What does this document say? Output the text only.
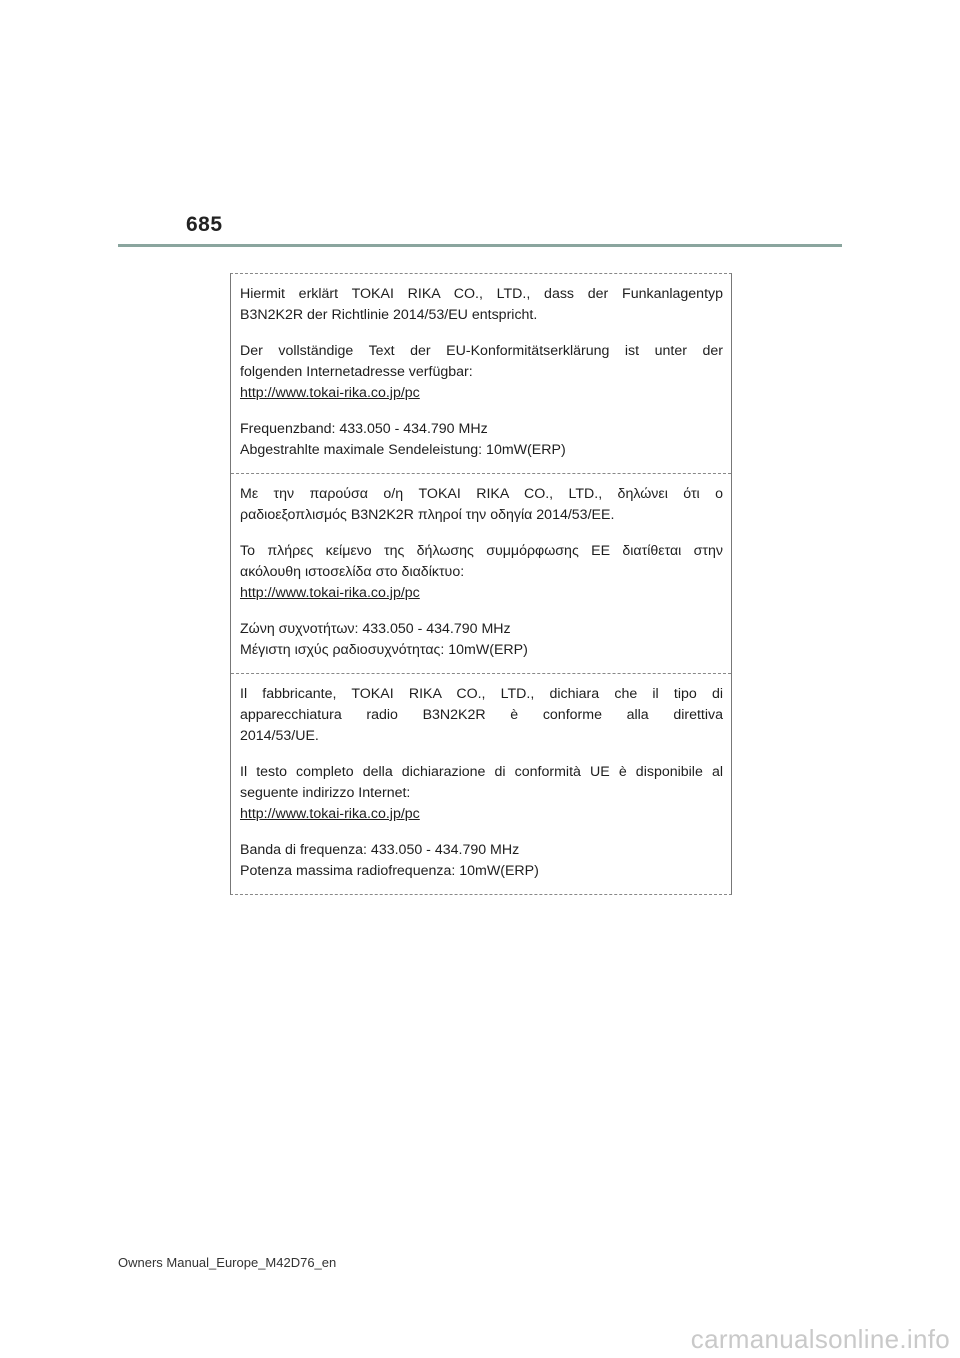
685

Hiermit erklärt TOKAI RIKA CO., LTD., dass der Funkanlagentyp
B3N2K2R der Richtlinie 2014/53/EU entspricht.

Der vollständige Text der EU-Konformitätserklärung ist unter der
folgenden Internetadresse verfügbar:
http://www.tokai-rika.co.jp/pc

Frequenzband: 433.050 - 434.790 MHz
Abgestrahlte maximale Sendeleistung: 10mW(ERP)

Με την παρούσα ο/η TOKAI RIKA CO., LTD., δηλώνει ότι ο
ραδιοεξοπλισμός B3N2K2R πληροί την οδηγία 2014/53/ΕΕ.

Το πλήρες κείμενο της δήλωσης συμμόρφωσης ΕΕ διατίθεται στην
ακόλουθη ιστοσελίδα στο διαδίκτυο:
http://www.tokai-rika.co.jp/pc

Ζώνη συχνοτήτων: 433.050 - 434.790 MHz
Μέγιστη ισχύς ραδιοσυχνότητας: 10mW(ERP)

Il fabbricante, TOKAI RIKA CO., LTD., dichiara che il tipo di
apparecchiatura radio B3N2K2R è conforme alla direttiva
2014/53/UE.

Il testo completo della dichiarazione di conformità UE è disponibile al
seguente indirizzo Internet:
http://www.tokai-rika.co.jp/pc

Banda di frequenza: 433.050 - 434.790 MHz
Potenza massima radiofrequenza: 10mW(ERP)

Owners Manual_Europe_M42D76_en
carmanualsonline.info
